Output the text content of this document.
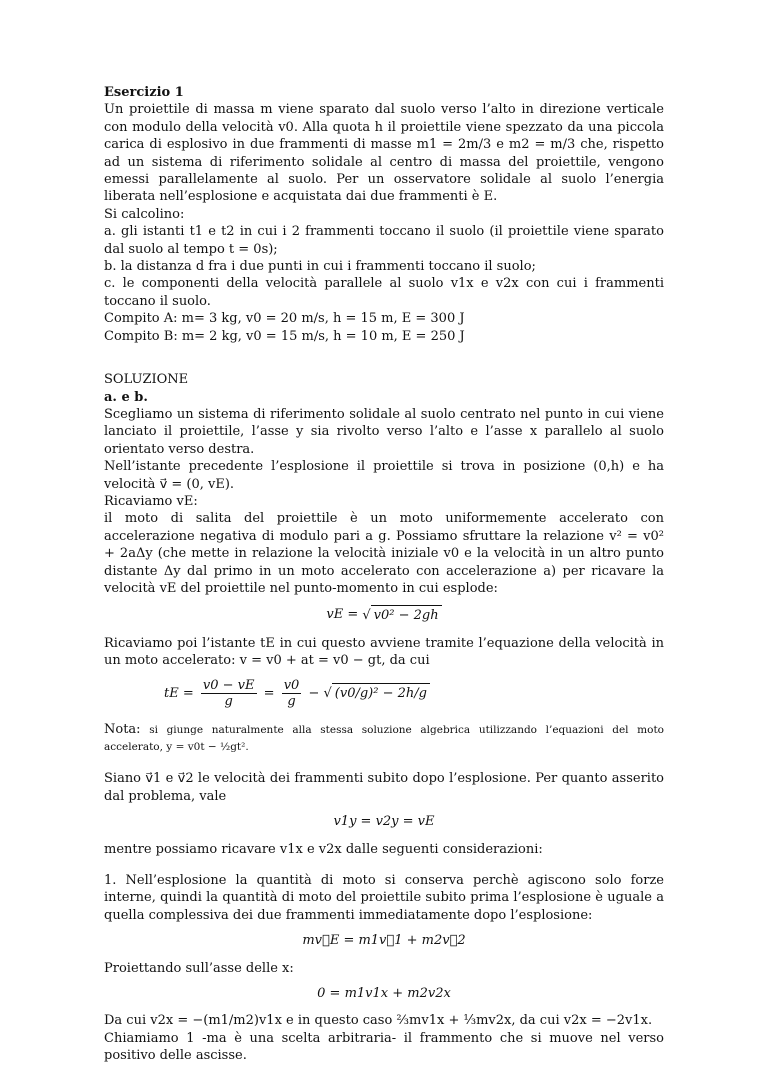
Esercizio 1

Un proiettile di massa m viene sparato dal suolo verso l’alto in direzione verticale con modulo della velocità v0. Alla quota h il proiettile viene spezzato da una piccola carica di esplosivo in due frammenti di masse m1 = 2m/3 e m2 = m/3 che, rispetto ad un sistema di riferimento solidale al centro di massa del proiettile, vengono emessi parallelamente al suolo. Per un osservatore solidale al suolo l’energia liberata nell’esplosione e acquistata dai due frammenti è E.

Si calcolino:

a. gli istanti t1 e t2 in cui i 2 frammenti toccano il suolo (il proiettile viene sparato dal suolo al tempo t = 0s);

b. la distanza d fra i due punti in cui i frammenti toccano il suolo;

c. le componenti della velocità parallele al suolo v1x e v2x con cui i frammenti toccano il suolo.

Compito A: m= 3 kg, v0 = 20 m/s, h = 15 m, E = 300 J

Compito B: m= 2 kg, v0 = 15 m/s, h = 10 m, E = 250 J

SOLUZIONE

a. e b.

Scegliamo un sistema di riferimento solidale al suolo centrato nel punto in cui viene lanciato il proiettile, l’asse y sia rivolto verso l’alto e l’asse x parallelo al suolo orientato verso destra.

Nell’istante precedente l’esplosione il proiettile si trova in posizione (0,h) e ha velocità v⃗ = (0, vE).

Ricaviamo vE:

il moto di salita del proiettile è un moto uniformemente accelerato con accelerazione negativa di modulo pari a g. Possiamo sfruttare la relazione v² = v0² + 2aΔy (che mette in relazione la velocità iniziale v0 e la velocità in un altro punto distante Δy dal primo in un moto accelerato con accelerazione a) per ricavare la velocità vE del proiettile nel punto-momento in cui esplode:

vE = √ v0² − 2gh

Ricaviamo poi l’istante tE in cui questo avviene tramite l’equazione della velocità in un moto accelerato: v = v0 + at = v0 − gt, da cui

tE = $\frac{v0 - vE}{g} = \frac{v0}{g}$ − √ (v0/g)² − 2h/g

Nota: si giunge naturalmente alla stessa soluzione algebrica utilizzando l’equazioni del moto accelerato, y = v0t − ½gt².

Siano v⃗1 e v⃗2 le velocità dei frammenti subito dopo l’esplosione. Per quanto asserito dal problema, vale

v1y = v2y = vE

mentre possiamo ricavare v1x e v2x dalle seguenti considerazioni:

1. Nell’esplosione la quantità di moto si conserva perchè agiscono solo forze interne, quindi la quantità di moto del proiettile subito prima l’esplosione è uguale a quella complessiva dei due frammenti immediatamente dopo l’esplosione:

mv⃗E = m1v⃗1 + m2v⃗2

Proiettando sull’asse delle x:

0 = m1v1x + m2v2x

Da cui v2x = −(m1/m2)v1x e in questo caso ⅔mv1x + ⅓mv2x, da cui v2x = −2v1x.

Chiamiamo 1 -ma è una scelta arbitraria- il frammento che si muove nel verso positivo delle ascisse.
